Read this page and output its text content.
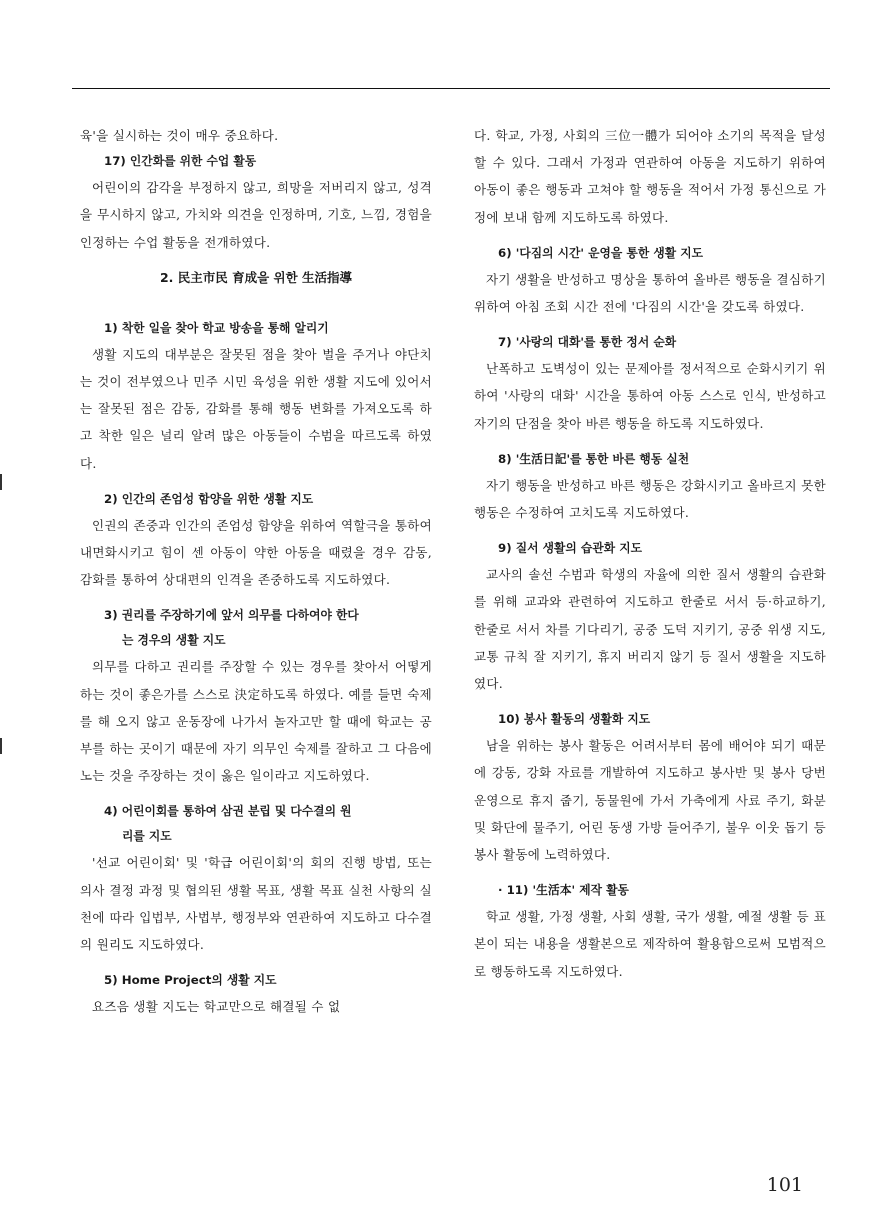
육'을 실시하는 것이 매우 중요하다.

17) 인간화를 위한 수업 활동

어린이의 감각을 부정하지 않고, 희망을 저버리지 않고, 성격을 무시하지 않고, 가치와 의견을 인정하며, 기호, 느낌, 경험을 인정하는 수업 활동을 전개하였다.

2. 民主市民 育成을 위한 生活指導
1) 착한 일을 찾아 학교 방송을 통해 알리기

생활 지도의 대부분은 잘못된 점을 찾아 벌을 주거나 야단치는 것이 전부였으나 민주 시민 육성을 위한 생활 지도에 있어서는 잘못된 점은 감동, 감화를 통해 행동 변화를 가져오도록 하고 착한 일은 널리 알려 많은 아동들이 수범을 따르도록 하였다.

2) 인간의 존엄성 함양을 위한 생활 지도

인권의 존중과 인간의 존엄성 함양을 위하여 역할극을 통하여 내면화시키고 힘이 센 아동이 약한 아동을 때렸을 경우 감동, 감화를 통하여 상대편의 인격을 존중하도록 지도하였다.

3) 권리를 주장하기에 앞서 의무를 다하여야 한다
는 경우의 생활 지도

의무를 다하고 권리를 주장할 수 있는 경우를 찾아서 어떻게 하는 것이 좋은가를 스스로 決定하도록 하였다. 예를 들면 숙제를 해 오지 않고 운동장에 나가서 놀자고만 할 때에 학교는 공부를 하는 곳이기 때문에 자기 의무인 숙제를 잘하고 그 다음에 노는 것을 주장하는 것이 옳은 일이라고 지도하였다.

4) 어린이회를 통하여 삼권 분립 및 다수결의 원
리를 지도

'선교 어린이회' 및 '학급 어린이회'의 회의 진행 방법, 또는 의사 결정 과정 및 협의된 생활 목표, 생활 목표 실천 사항의 실천에 따라 입법부, 사법부, 행정부와 연관하여 지도하고 다수결의 원리도 지도하였다.

5) Home Project의 생활 지도

요즈음 생활 지도는 학교만으로 해결될 수 없

다. 학교, 가정, 사회의 三位一體가 되어야 소기의 목적을 달성할 수 있다. 그래서 가정과 연관하여 아동을 지도하기 위하여 아동이 좋은 행동과 고쳐야 할 행동을 적어서 가정 통신으로 가정에 보내 함께 지도하도록 하였다.

6) '다짐의 시간' 운영을 통한 생활 지도

자기 생활을 반성하고 명상을 통하여 올바른 행동을 결심하기 위하여 아침 조회 시간 전에 '다짐의 시간'을 갖도록 하였다.

7) '사랑의 대화'를 통한 정서 순화

난폭하고 도벽성이 있는 문제아를 정서적으로 순화시키기 위하여 '사랑의 대화' 시간을 통하여 아동 스스로 인식, 반성하고 자기의 단점을 찾아 바른 행동을 하도록 지도하였다.

8) '生活日記'를 통한 바른 행동 실천

자기 행동을 반성하고 바른 행동은 강화시키고 올바르지 못한 행동은 수정하여 고치도록 지도하였다.

9) 질서 생활의 습관화 지도

교사의 솔선 수범과 학생의 자율에 의한 질서 생활의 습관화를 위해 교과와 관련하여 지도하고 한줄로 서서 등·하교하기, 한줄로 서서 차를 기다리기, 공중 도덕 지키기, 공중 위생 지도, 교통 규칙 잘 지키기, 휴지 버리지 않기 등 질서 생활을 지도하였다.

10) 봉사 활동의 생활화 지도

남을 위하는 봉사 활동은 어려서부터 몸에 배어야 되기 때문에 강동, 강화 자료를 개발하여 지도하고 봉사반 및 봉사 당번 운영으로 휴지 줍기, 동물원에 가서 가축에게 사료 주기, 화분 및 화단에 물주기, 어린 동생 가방 들어주기, 불우 이웃 돕기 등 봉사 활동에 노력하였다.

· 11) '生活本' 제작 활동

학교 생활, 가정 생활, 사회 생활, 국가 생활, 예절 생활 등 표본이 되는 내용을 생활본으로 제작하여 활용함으로써 모범적으로 행동하도록 지도하였다.

101
